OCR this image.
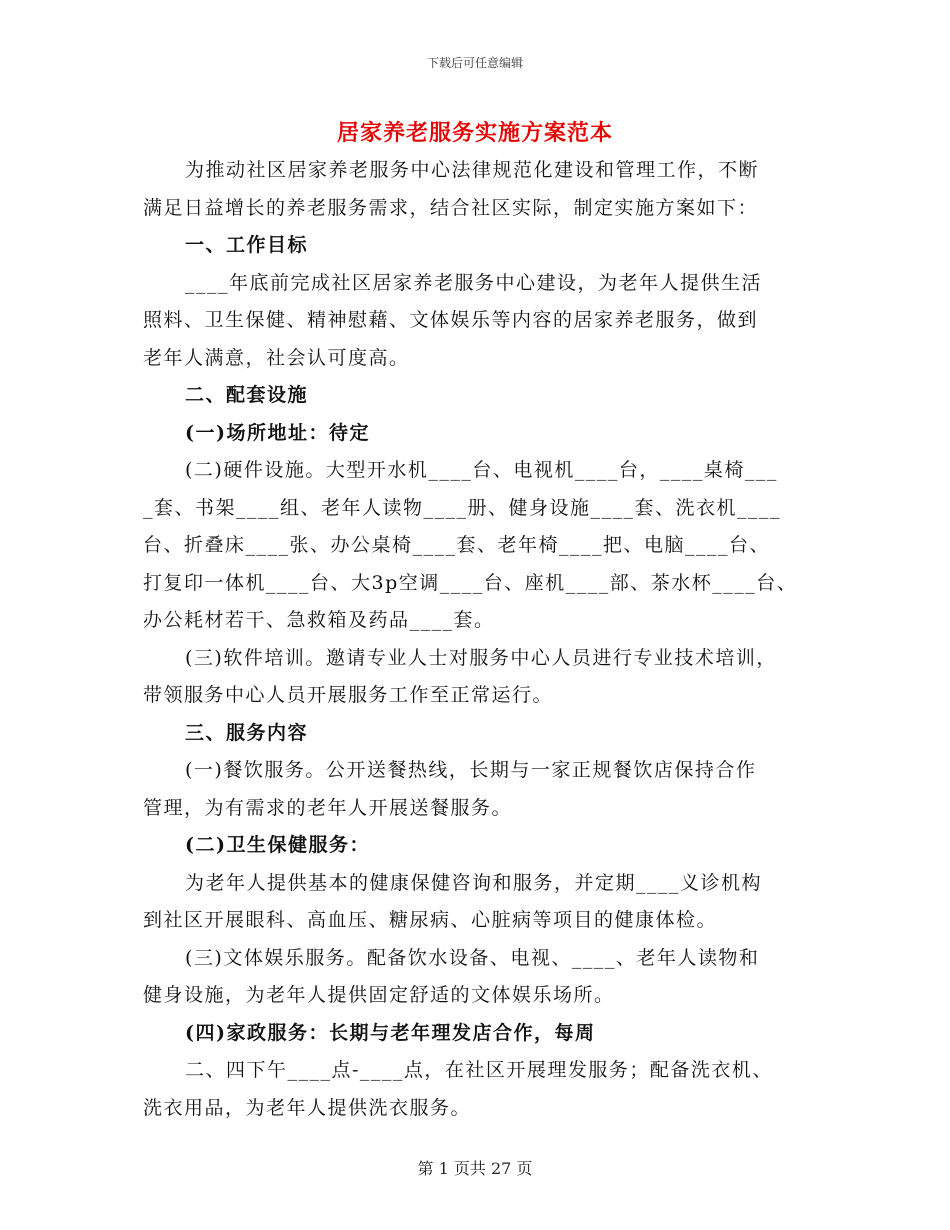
下载后可任意编辑
居家养老服务实施方案范本

为推动社区居家养老服务中心法律规范化建设和管理工作，不断

满足日益增长的养老服务需求，结合社区实际，制定实施方案如下：

一、工作目标

____年底前完成社区居家养老服务中心建设，为老年人提供生活

照料、卫生保健、精神慰藉、文体娱乐等内容的居家养老服务，做到

老年人满意，社会认可度高。

二、配套设施

(一)场所地址：待定

(二)硬件设施。大型开水机____台、电视机____台，____桌椅___

_套、书架____组、老年人读物____册、健身设施____套、洗衣机____

台、折叠床____张、办公桌椅____套、老年椅____把、电脑____台、

打复印一体机____台、大3p空调____台、座机____部、茶水杯____台、

办公耗材若干、急救箱及药品____套。

(三)软件培训。邀请专业人士对服务中心人员进行专业技术培训，

带领服务中心人员开展服务工作至正常运行。

三、服务内容

(一)餐饮服务。公开送餐热线，长期与一家正规餐饮店保持合作

管理，为有需求的老年人开展送餐服务。

(二)卫生保健服务：

为老年人提供基本的健康保健咨询和服务，并定期____义诊机构

到社区开展眼科、高血压、糖尿病、心脏病等项目的健康体检。

(三)文体娱乐服务。配备饮水设备、电视、____、老年人读物和

健身设施，为老年人提供固定舒适的文体娱乐场所。

(四)家政服务：长期与老年理发店合作，每周

二、四下午____点-____点，在社区开展理发服务；配备洗衣机、

洗衣用品，为老年人提供洗衣服务。

第 1 页共 27 页
